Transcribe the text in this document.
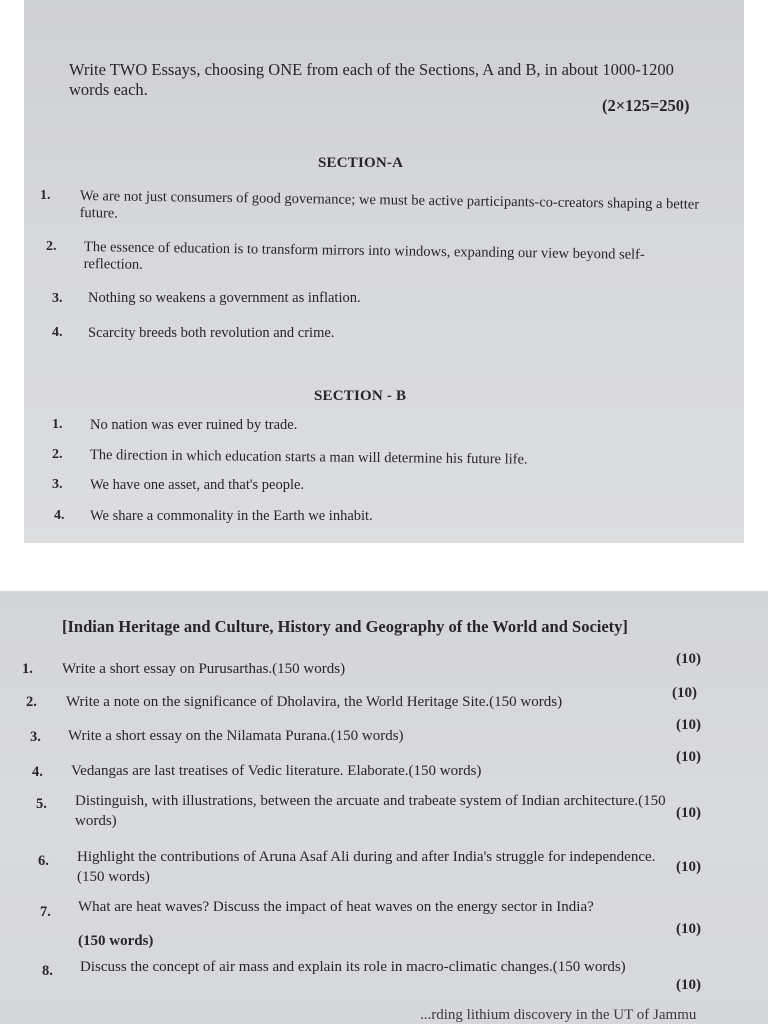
Write TWO Essays, choosing ONE from each of the Sections, A and B, in about 1000-1200 words each.
(2×125=250)
SECTION-A
1. We are not just consumers of good governance; we must be active participants-co-creators shaping a better future.
2. The essence of education is to transform mirrors into windows, expanding our view beyond self-reflection.
3. Nothing so weakens a government as inflation.
4. Scarcity breeds both revolution and crime.
SECTION - B
1. No nation was ever ruined by trade.
2. The direction in which education starts a man will determine his future life.
3. We have one asset, and that's people.
4. We share a commonality in the Earth we inhabit.
[Indian Heritage and Culture, History and Geography of the World and Society]
1. Write a short essay on Purusarthas.(150 words)
(10)
2. Write a note on the significance of Dholavira, the World Heritage Site.(150 words)
(10)
3. Write a short essay on the Nilamata Purana.(150 words)
(10)
4. Vedangas are last treatises of Vedic literature. Elaborate.(150 words)
(10)
5. Distinguish, with illustrations, between the arcuate and trabeate system of Indian architecture.(150 words)	(10)
6. Highlight the contributions of Aruna Asaf Ali during and after India's struggle for independence.(150 words)
(10)
7. What are heat waves? Discuss the impact of heat waves on the energy sector in India?
(150 words)
(10)
8. Discuss the concept of air mass and explain its role in macro-climatic changes.(150 words)
(10)
...rding lithium discovery in the UT of Jammu
